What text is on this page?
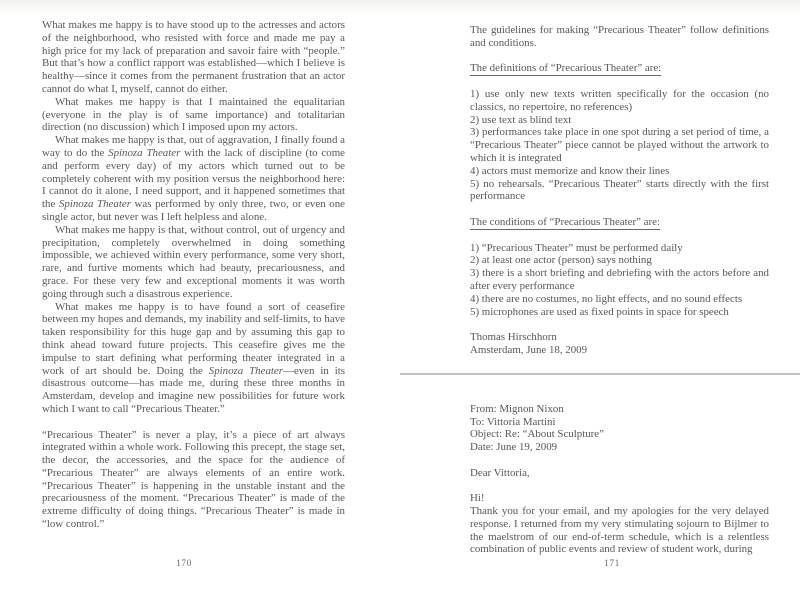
What makes me happy is to have stood up to the actresses and actors of the neighborhood, who resisted with force and made me pay a high price for my lack of preparation and savoir faire with “people.” But that’s how a conflict rapport was established—which I believe is healthy—since it comes from the permanent frustration that an actor cannot do what I, myself, cannot do either.

What makes me happy is that I maintained the equalitarian (everyone in the play is of same importance) and totalitarian direction (no discussion) which I imposed upon my actors.

What makes me happy is that, out of aggravation, I finally found a way to do the Spinoza Theater with the lack of discipline (to come and perform every day) of my actors which turned out to be completely coherent with my position versus the neighborhood here: I cannot do it alone, I need support, and it happened sometimes that the Spinoza Theater was performed by only three, two, or even one single actor, but never was I left helpless and alone.

What makes me happy is that, without control, out of urgency and precipitation, completely overwhelmed in doing something impossible, we achieved within every performance, some very short, rare, and furtive moments which had beauty, precariousness, and grace. For these very few and exceptional moments it was worth going through such a disastrous experience.

What makes me happy is to have found a sort of ceasefire between my hopes and demands, my inability and self-limits, to have taken responsibility for this huge gap and by assuming this gap to think ahead toward future projects. This ceasefire gives me the impulse to start defining what performing theater integrated in a work of art should be. Doing the Spinoza Theater—even in its disastrous outcome—has made me, during these three months in Amsterdam, develop and imagine new possibilities for future work which I want to call “Precarious Theater.”

“Precarious Theater” is never a play, it’s a piece of art always integrated within a whole work. Following this precept, the stage set, the decor, the accessories, and the space for the audience of “Precarious Theater” are always elements of an entire work. “Precarious Theater” is happening in the unstable instant and the precariousness of the moment. “Precarious Theater” is made of the extreme difficulty of doing things. “Precarious Theater” is made in “low control.”

170

The guidelines for making “Precarious Theater” follow definitions and conditions.

The definitions of “Precarious Theater” are:
1) use only new texts written specifically for the occasion (no classics, no repertoire, no references)
2) use text as blind text
3) performances take place in one spot during a set period of time, a “Precarious Theater” piece cannot be played without the artwork to which it is integrated
4) actors must memorize and know their lines
5) no rehearsals. “Precarious Theater” starts directly with the first performance
The conditions of “Precarious Theater” are:
1) “Precarious Theater” must be performed daily
2) at least one actor (person) says nothing
3) there is a short briefing and debriefing with the actors before and after every performance
4) there are no costumes, no light effects, and no sound effects
5) microphones are used as fixed points in space for speech
Thomas Hirschhorn
Amsterdam, June 18, 2009
From: Mignon Nixon
To: Vittoria Martini
Object: Re: “About Sculpture”
Date: June 19, 2009
Dear Vittoria,
Hi!

Thank you for your email, and my apologies for the very delayed response. I returned from my very stimulating sojourn to Bijlmer to the maelstrom of our end-of-term schedule, which is a relentless combination of public events and review of student work, during

171
